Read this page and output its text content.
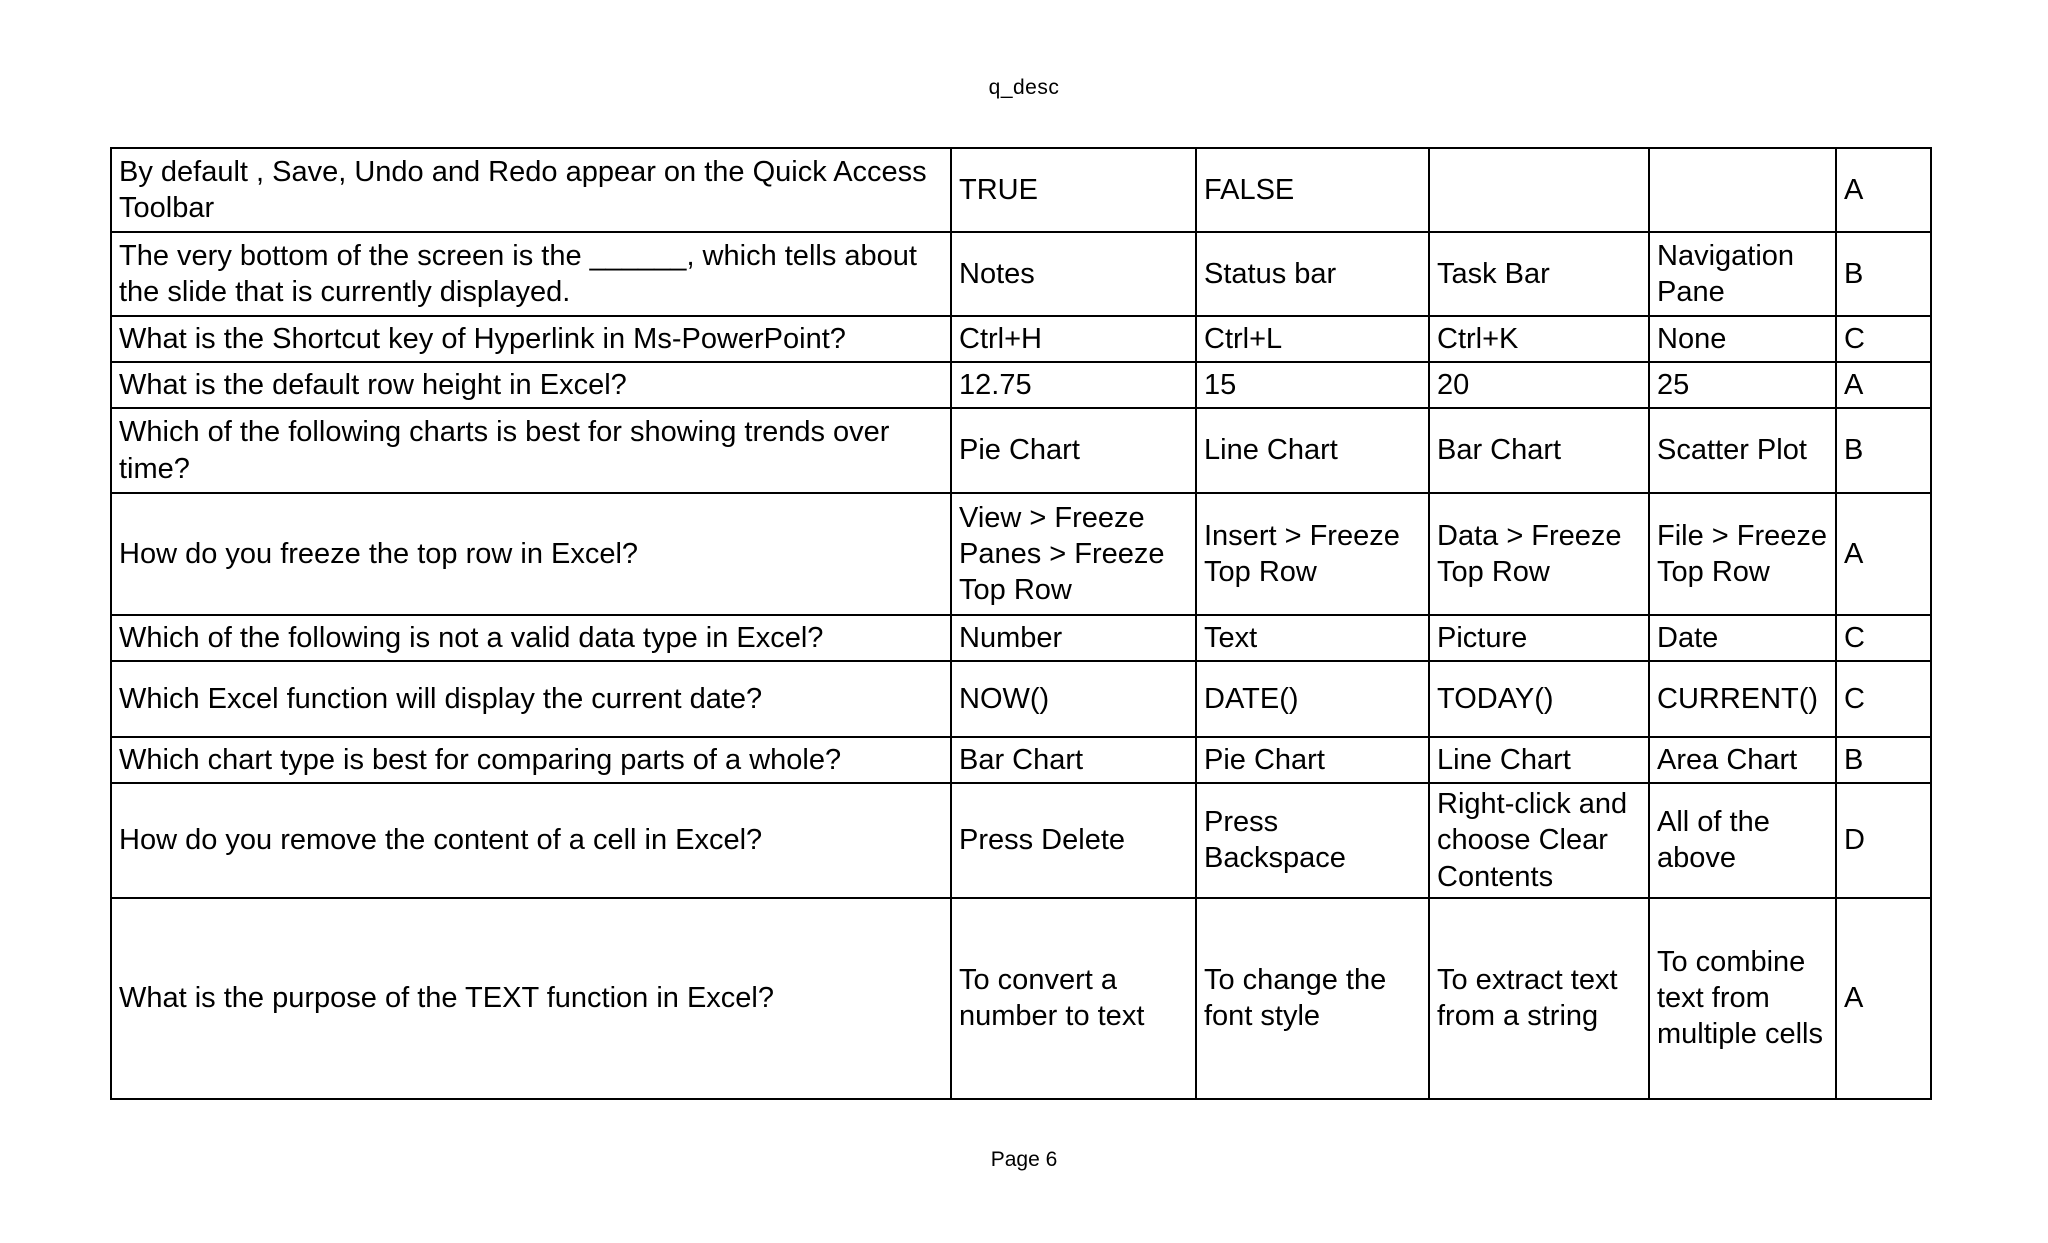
q_desc
By default , Save, Undo and Redo appear on the Quick Access Toolbar	TRUE	FALSE			A
The very bottom of the screen is the ______, which tells about the slide that is currently displayed.	Notes	Status bar	Task Bar	Navigation Pane	B
What is the Shortcut key of Hyperlink in Ms-PowerPoint?	Ctrl+H	Ctrl+L	Ctrl+K	None	C
What is the default row height in Excel?	12.75	15	20	25	A
Which of the following charts is best for showing trends over time?	Pie Chart	Line Chart	Bar Chart	Scatter Plot	B
How do you freeze the top row in Excel?	View > Freeze Panes > Freeze Top Row	Insert > Freeze Top Row	Data > Freeze Top Row	File > Freeze Top Row	A
Which of the following is not a valid data type in Excel?	Number	Text	Picture	Date	C
Which Excel function will display the current date?	NOW()	DATE()	TODAY()	CURRENT()	C
Which chart type is best for comparing parts of a whole?	Bar Chart	Pie Chart	Line Chart	Area Chart	B
How do you remove the content of a cell in Excel?	Press Delete	Press Backspace	Right-click and choose Clear Contents	All of the above	D
What is the purpose of the TEXT function in Excel?	To convert a number to text	To change the font style	To extract text from a string	To combine text from multiple cells	A
Page 6
